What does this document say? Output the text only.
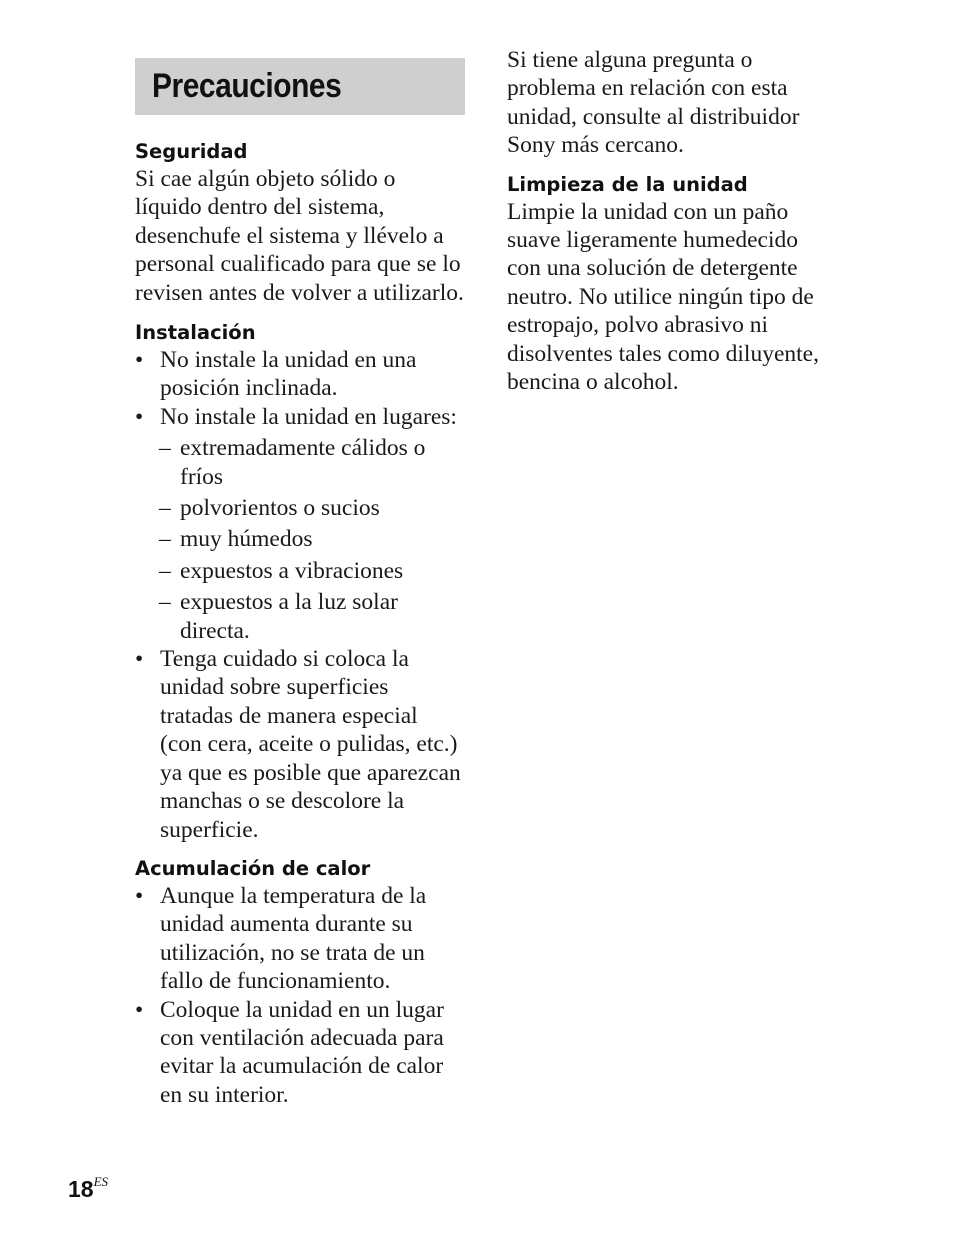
Precauciones
Seguridad

Si cae algún objeto sólido o líquido dentro del sistema, desenchufe el sistema y llévelo a personal cualificado para que se lo revisen antes de volver a utilizarlo.

Instalación
• No instale la unidad en una posición inclinada.
• No instale la unidad en lugares:
– extremadamente cálidos o fríos
– polvorientos o sucios
– muy húmedos
– expuestos a vibraciones
– expuestos a la luz solar directa.
• Tenga cuidado si coloca la unidad sobre superficies tratadas de manera especial (con cera, aceite o pulidas, etc.) ya que es posible que aparezcan manchas o se descolore la superficie.
Acumulación de calor
• Aunque la temperatura de la unidad aumenta durante su utilización, no se trata de un fallo de funcionamiento.
• Coloque la unidad en un lugar con ventilación adecuada para evitar la acumulación de calor en su interior.

Si tiene alguna pregunta o problema en relación con esta unidad, consulte al distribuidor Sony más cercano.

Limpieza de la unidad

Limpie la unidad con un paño suave ligeramente humedecido con una solución de detergente neutro. No utilice ningún tipo de estropajo, polvo abrasivo ni disolventes tales como diluyente, bencina o alcohol.

$18^{ES}$
